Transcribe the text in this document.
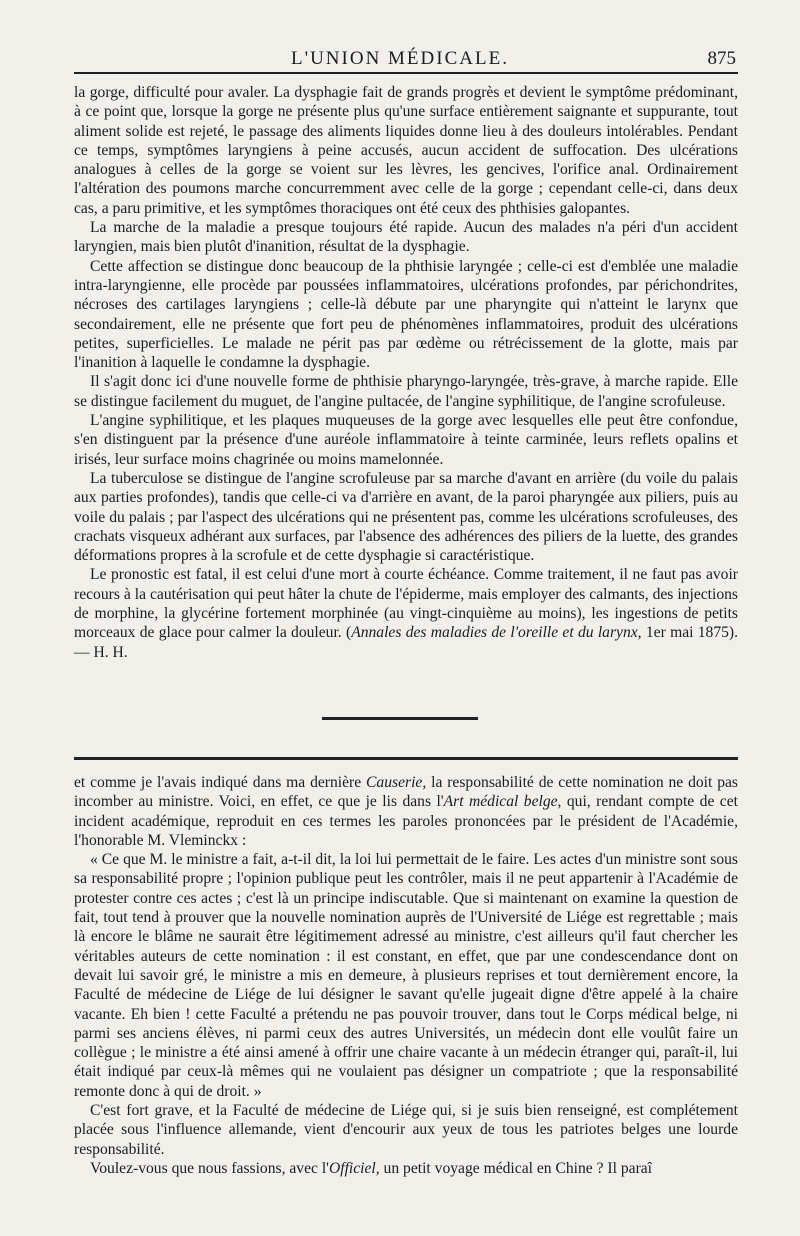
L'UNION MÉDICALE.	875

la gorge, difficulté pour avaler. La dysphagie fait de grands progrès et devient le symptôme prédominant, à ce point que, lorsque la gorge ne présente plus qu'une surface entièrement saignante et suppurante, tout aliment solide est rejeté, le passage des aliments liquides donne lieu à des douleurs intolérables. Pendant ce temps, symptômes laryngiens à peine accusés, aucun accident de suffocation. Des ulcérations analogues à celles de la gorge se voient sur les lèvres, les gencives, l'orifice anal. Ordinairement l'altération des poumons marche concurremment avec celle de la gorge ; cependant celle-ci, dans deux cas, a paru primitive, et les symptômes thoraciques ont été ceux des phthisies galopantes.

La marche de la maladie a presque toujours été rapide. Aucun des malades n'a péri d'un accident laryngien, mais bien plutôt d'inanition, résultat de la dysphagie.

Cette affection se distingue donc beaucoup de la phthisie laryngée ; celle-ci est d'emblée une maladie intra-laryngienne, elle procède par poussées inflammatoires, ulcérations profondes, par périchondrites, nécroses des cartilages laryngiens ; celle-là débute par une pharyngite qui n'atteint le larynx que secondairement, elle ne présente que fort peu de phénomènes inflammatoires, produit des ulcérations petites, superficielles. Le malade ne périt pas par œdème ou rétrécissement de la glotte, mais par l'inanition à laquelle le condamne la dysphagie.

Il s'agit donc ici d'une nouvelle forme de phthisie pharyngo-laryngée, très-grave, à marche rapide. Elle se distingue facilement du muguet, de l'angine pultacée, de l'angine syphilitique, de l'angine scrofuleuse.

L'angine syphilitique, et les plaques muqueuses de la gorge avec lesquelles elle peut être confondue, s'en distinguent par la présence d'une auréole inflammatoire à teinte carminée, leurs reflets opalins et irisés, leur surface moins chagrinée ou moins mamelonnée.

La tuberculose se distingue de l'angine scrofuleuse par sa marche d'avant en arrière (du voile du palais aux parties profondes), tandis que celle-ci va d'arrière en avant, de la paroi pharyngée aux piliers, puis au voile du palais ; par l'aspect des ulcérations qui ne présentent pas, comme les ulcérations scrofuleuses, des crachats visqueux adhérant aux surfaces, par l'absence des adhérences des piliers de la luette, des grandes déformations propres à la scrofule et de cette dysphagie si caractéristique.

Le pronostic est fatal, il est celui d'une mort à courte échéance. Comme traitement, il ne faut pas avoir recours à la cautérisation qui peut hâter la chute de l'épiderme, mais employer des calmants, des injections de morphine, la glycérine fortement morphinée (au vingt-cinquième au moins), les ingestions de petits morceaux de glace pour calmer la douleur. (Annales des maladies de l'oreille et du larynx, 1er mai 1875). — H. H.

et comme je l'avais indiqué dans ma dernière Causerie, la responsabilité de cette nomination ne doit pas incomber au ministre. Voici, en effet, ce que je lis dans l'Art médical belge, qui, rendant compte de cet incident académique, reproduit en ces termes les paroles prononcées par le président de l'Académie, l'honorable M. Vleminckx :

« Ce que M. le ministre a fait, a-t-il dit, la loi lui permettait de le faire. Les actes d'un ministre sont sous sa responsabilité propre ; l'opinion publique peut les contrôler, mais il ne peut appartenir à l'Académie de protester contre ces actes ; c'est là un principe indiscutable. Que si maintenant on examine la question de fait, tout tend à prouver que la nouvelle nomination auprès de l'Université de Liége est regrettable ; mais là encore le blâme ne saurait être légitimement adressé au ministre, c'est ailleurs qu'il faut chercher les véritables auteurs de cette nomination : il est constant, en effet, que par une condescendance dont on devait lui savoir gré, le ministre a mis en demeure, à plusieurs reprises et tout dernièrement encore, la Faculté de médecine de Liége de lui désigner le savant qu'elle jugeait digne d'être appelé à la chaire vacante. Eh bien ! cette Faculté a prétendu ne pas pouvoir trouver, dans tout le Corps médical belge, ni parmi ses anciens élèves, ni parmi ceux des autres Universités, un médecin dont elle voulût faire un collègue ; le ministre a été ainsi amené à offrir une chaire vacante à un médecin étranger qui, paraît-il, lui était indiqué par ceux-là mêmes qui ne voulaient pas désigner un compatriote ; que la responsabilité remonte donc à qui de droit. »

C'est fort grave, et la Faculté de médecine de Liége qui, si je suis bien renseigné, est complétement placée sous l'influence allemande, vient d'encourir aux yeux de tous les patriotes belges une lourde responsabilité.

Voulez-vous que nous fassions, avec l'Officiel, un petit voyage médical en Chine ? Il paraî
